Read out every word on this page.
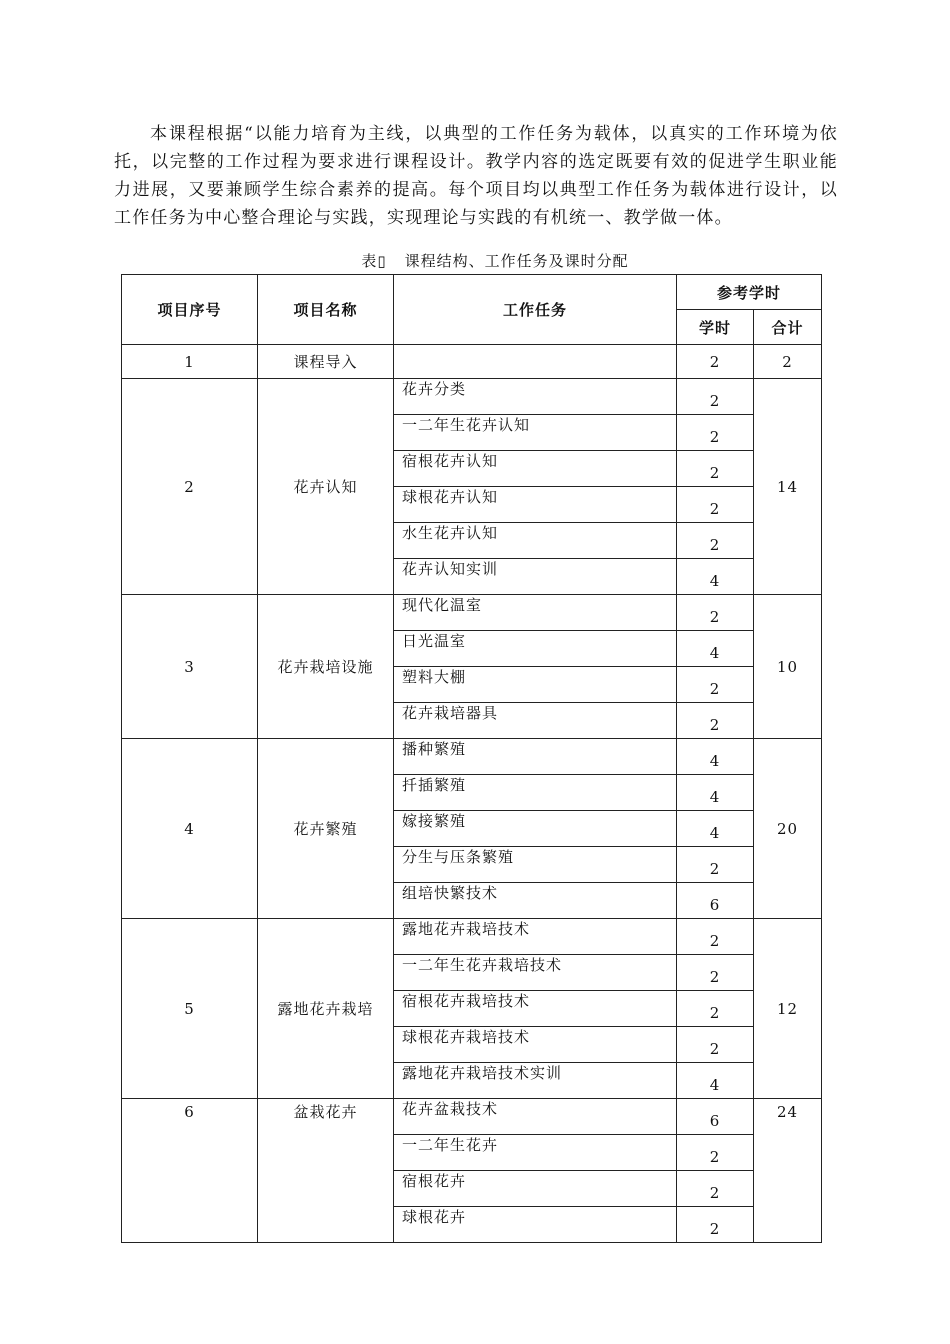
本课程根据“以能力培育为主线，以典型的工作任务为载体，以真实的工作环境为依托，以完整的工作过程为要求进行课程设计。教学内容的选定既要有效的促进学生职业能力进展，又要兼顾学生综合素养的提高。每个项目均以典型工作任务为载体进行设计，以工作任务为中心整合理论与实践，实现理论与实践的有机统一、教学做一体。

表▯ 课程结构、工作任务及课时分配

项目序号	项目名称	工作任务	参考学时	
			学时	合计
1	课程导入		2	2
2	花卉认知	花卉分类	2	14
		一二年生花卉认知	2	
		宿根花卉认知	2	
		球根花卉认知	2	
		水生花卉认知	2	
		花卉认知实训	4	
3	花卉栽培设施	现代化温室	2	10
		日光温室	4	
		塑料大棚	2	
		花卉栽培器具	2	
4	花卉繁殖	播种繁殖	4	20
		扦插繁殖	4	
		嫁接繁殖	4	
		分生与压条繁殖	2	
		组培快繁技术	6	
5	露地花卉栽培	露地花卉栽培技术	2	12
		一二年生花卉栽培技术	2	
		宿根花卉栽培技术	2	
		球根花卉栽培技术	2	
		露地花卉栽培技术实训	4	
6	盆栽花卉	花卉盆栽技术	6	24
		一二年生花卉	2	
		宿根花卉	2	
		球根花卉	2	
